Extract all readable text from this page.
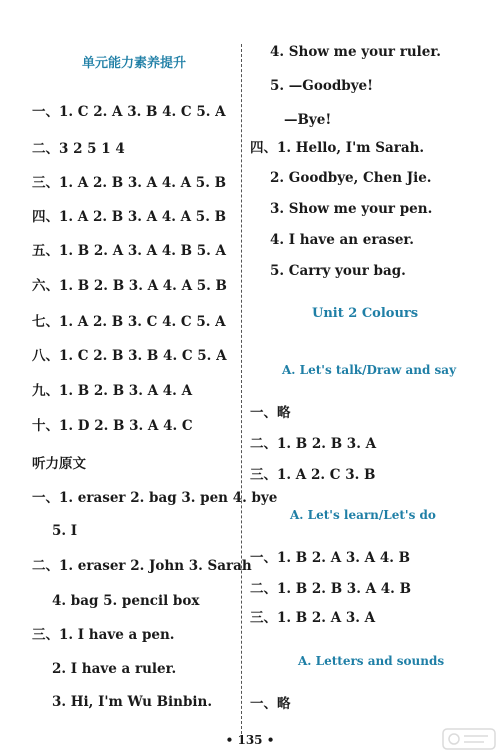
单元能力素养提升
一、1. C 2. A 3. B 4. C 5. A
二、3 2 5 1 4
三、1. A 2. B 3. A 4. A 5. B
四、1. A 2. B 3. A 4. A 5. B
五、1. B 2. A 3. A 4. B 5. A
六、1. B 2. B 3. A 4. A 5. B
七、1. A 2. B 3. C 4. C 5. A
八、1. C 2. B 3. B 4. C 5. A
九、1. B 2. B 3. A 4. A
十、1. D 2. B 3. A 4. C
听力原文
一、1. eraser 2. bag 3. pen 4. bye
5. I
二、1. eraser 2. John 3. Sarah
4. bag 5. pencil box
三、1. I have a pen.
2. I have a ruler.
3. Hi, I'm Wu Binbin.
4. Show me your ruler.
5. —Goodbye!
—Bye!
四、1. Hello, I'm Sarah.
2. Goodbye, Chen Jie.
3. Show me your pen.
4. I have an eraser.
5. Carry your bag.
Unit 2 Colours
A. Let's talk/Draw and say
一、略
二、1. B 2. B 3. A
三、1. A 2. C 3. B
A. Let's learn/Let's do
一、1. B 2. A 3. A 4. B
二、1. B 2. B 3. A 4. B
三、1. B 2. A 3. A
A. Letters and sounds
一、略
• 135 •
